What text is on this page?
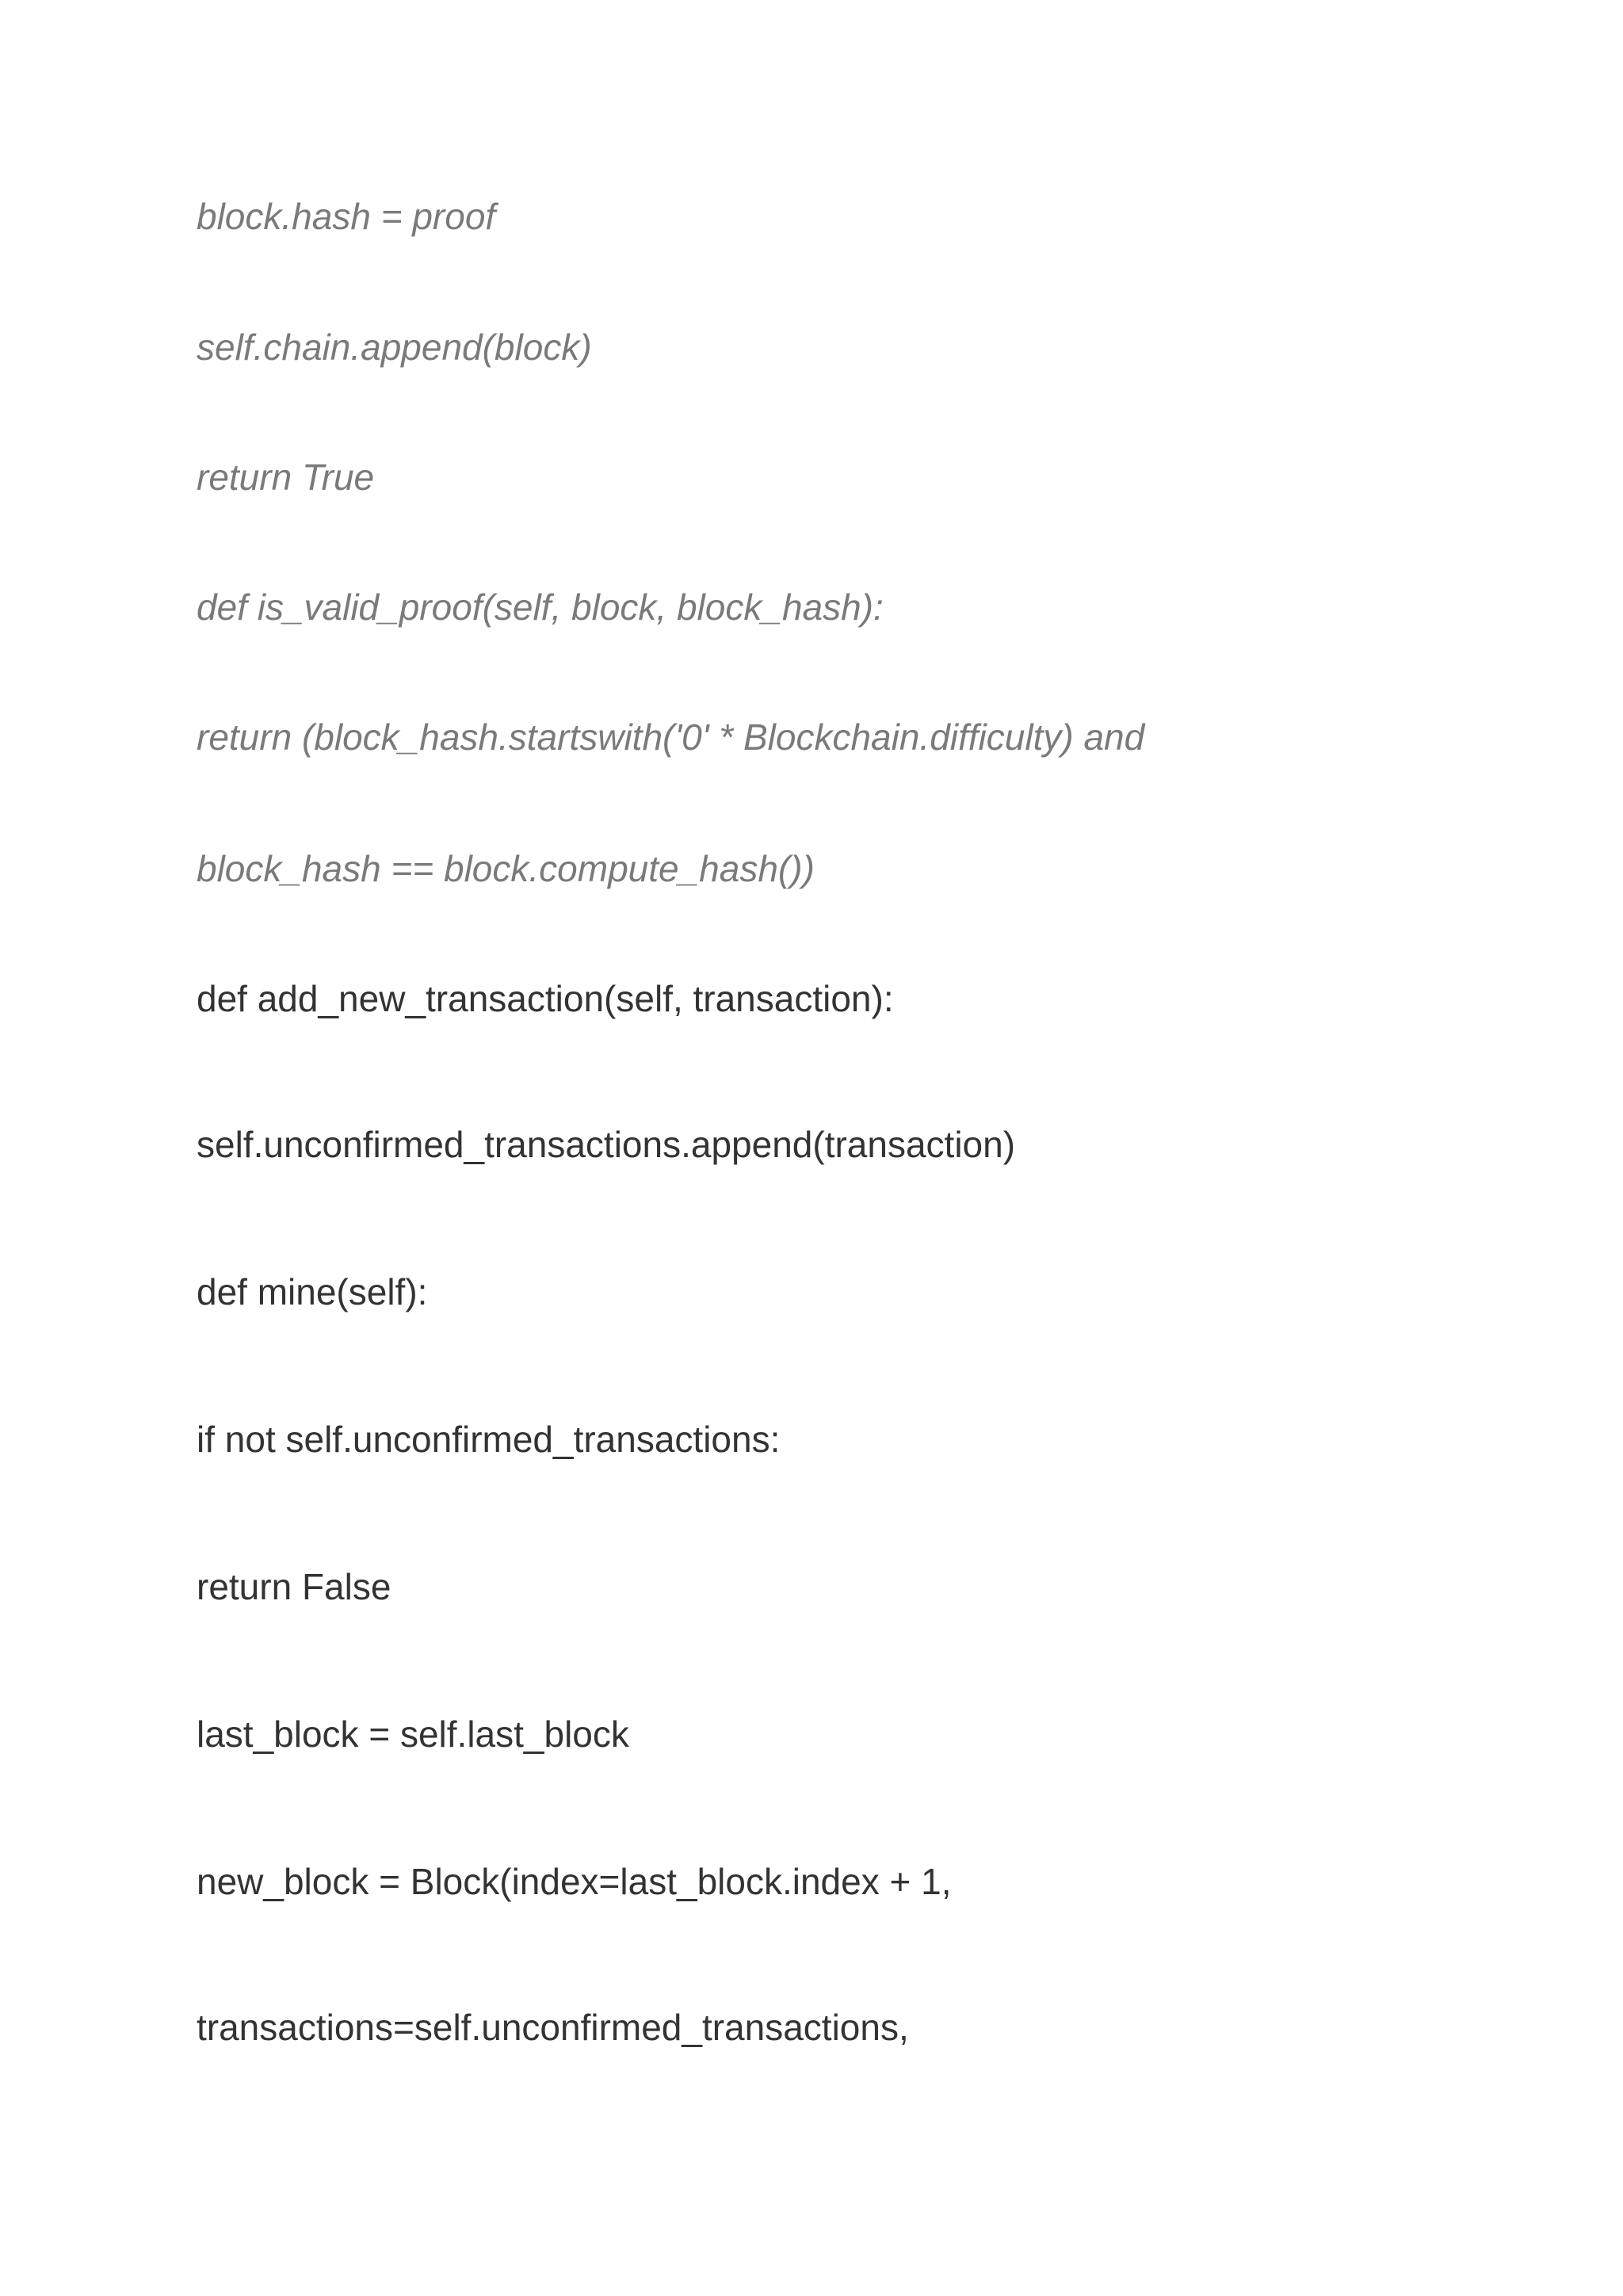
block.hash = proof

self.chain.append(block)

return True

def is_valid_proof(self, block, block_hash):

return (block_hash.startswith('0' * Blockchain.difficulty) and

block_hash == block.compute_hash())

def add_new_transaction(self, transaction):

self.unconfirmed_transactions.append(transaction)

def mine(self):

if not self.unconfirmed_transactions:

return False

last_block = self.last_block

new_block = Block(index=last_block.index + 1,

transactions=self.unconfirmed_transactions,
